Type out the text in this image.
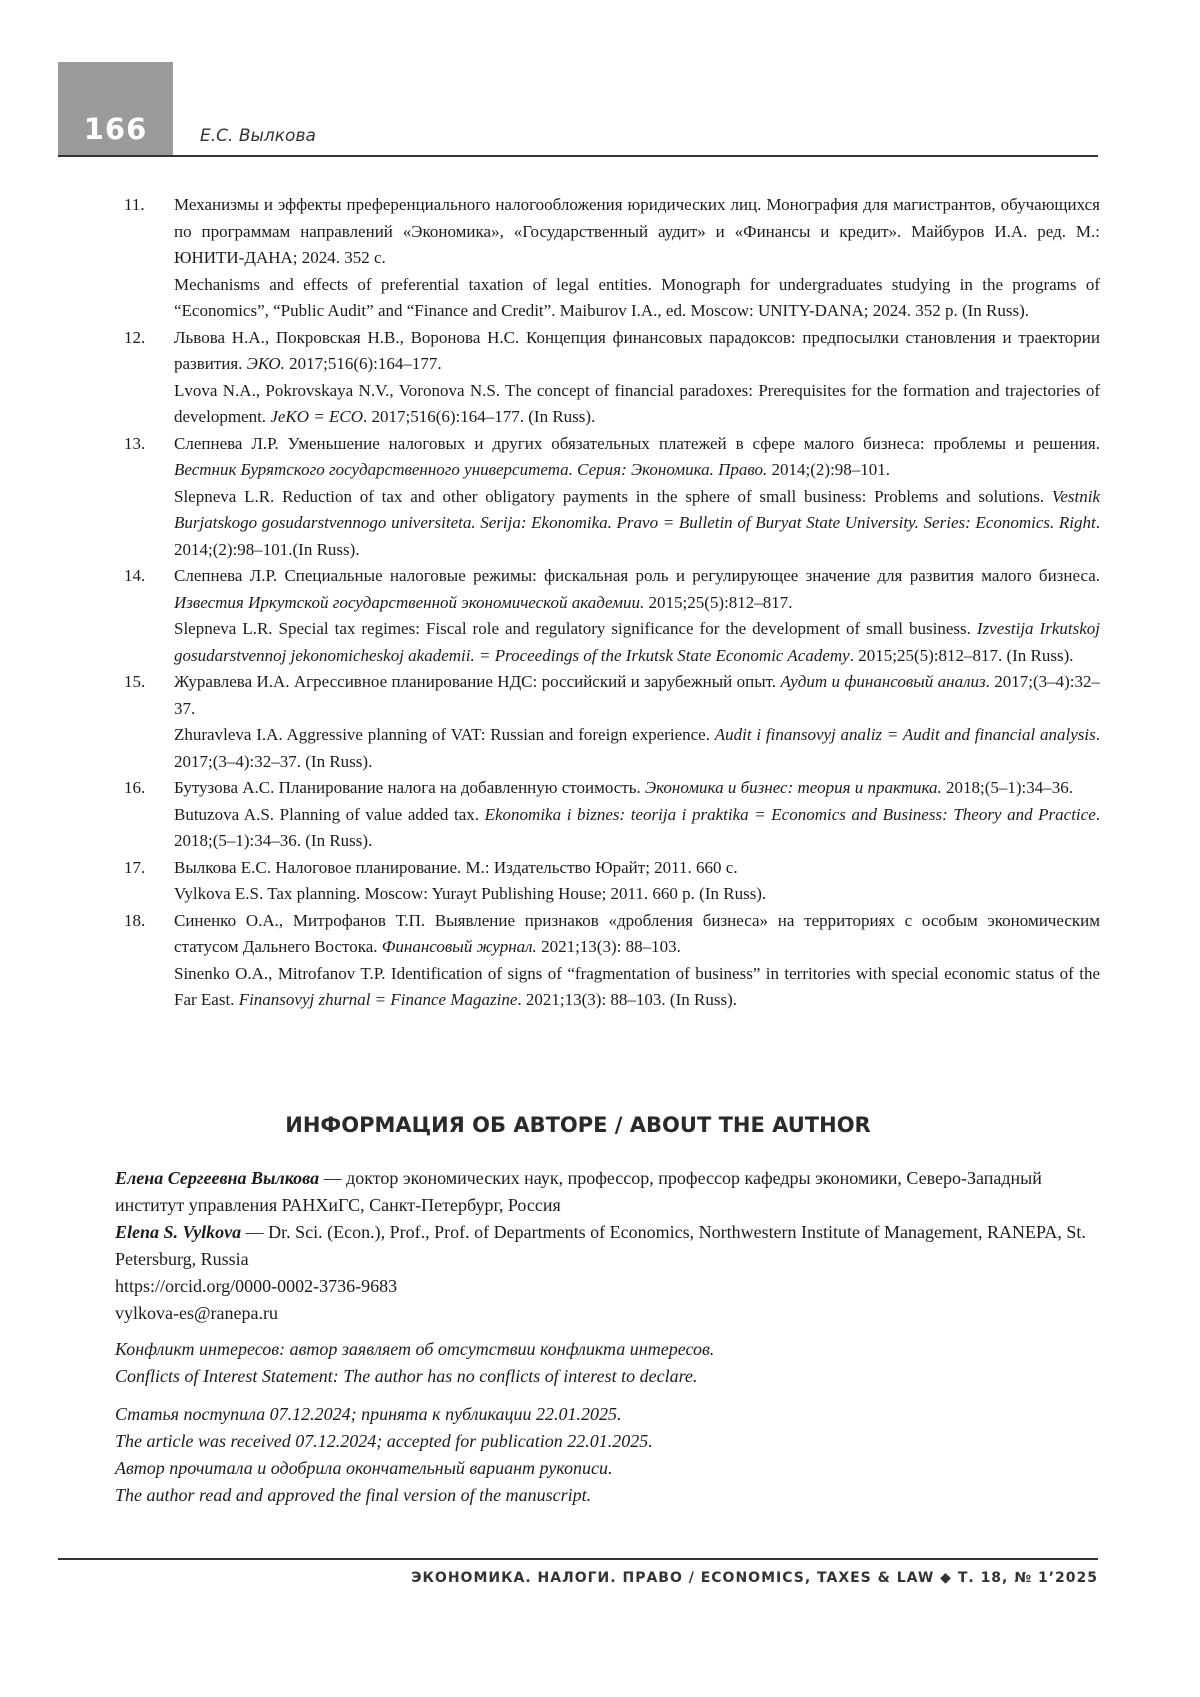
166	Е.С. Вылкова
11.	Механизмы и эффекты преференциального налогообложения юридических лиц. Монография для магистрантов, обучающихся по программам направлений «Экономика», «Государственный аудит» и «Финансы и кредит». Майбуров И.А. ред. М.: ЮНИТИ-ДАНА; 2024. 352 с.

Mechanisms and effects of preferential taxation of legal entities. Monograph for undergraduates studying in the programs of “Economics”, “Public Audit” and “Finance and Credit”. Maiburov I.A., ed. Moscow: UNITY-DANA; 2024. 352 p. (In Russ).

12.	Львова Н.А., Покровская Н.В., Воронова Н.С. Концепция финансовых парадоксов: предпосылки становления и траектории развития. ЭКО. 2017;516(6):164–177.

Lvova N.A., Pokrovskaya N.V., Voronova N.S. The concept of financial paradoxes: Prerequisites for the formation and trajectories of development. JeKO = ECO. 2017;516(6):164–177. (In Russ).

13.	Слепнева Л.Р. Уменьшение налоговых и других обязательных платежей в сфере малого бизнеса: проблемы и решения. Вестник Бурятского государственного университета. Серия: Экономика. Право. 2014;(2):98–101.

Slepneva L.R. Reduction of tax and other obligatory payments in the sphere of small business: Problems and solutions. Vestnik Burjatskogo gosudarstvennogo universiteta. Serija: Ekonomika. Pravo = Bulletin of Buryat State University. Series: Economics. Right. 2014;(2):98–101.(In Russ).

14.	Слепнева Л.Р. Специальные налоговые режимы: фискальная роль и регулирующее значение для развития малого бизнеса. Известия Иркутской государственной экономической академии. 2015;25(5):812–817.

Slepneva L.R. Special tax regimes: Fiscal role and regulatory significance for the development of small business. Izvestija Irkutskoj gosudarstvennoj jekonomicheskoj akademii. = Proceedings of the Irkutsk State Economic Academy. 2015;25(5):812–817. (In Russ).

15.	Журавлева И.А. Агрессивное планирование НДС: российский и зарубежный опыт. Аудит и финансовый анализ. 2017;(3–4):32–37.

Zhuravleva I.A. Aggressive planning of VAT: Russian and foreign experience. Audit i finansovyj analiz = Audit and financial analysis. 2017;(3–4):32–37. (In Russ).

16.	Бутузова А.С. Планирование налога на добавленную стоимость. Экономика и бизнес: теория и практика. 2018;(5–1):34–36.

Butuzova A.S. Planning of value added tax. Ekonomika i biznes: teorija i praktika = Economics and Business: Theory and Practice. 2018;(5–1):34–36. (In Russ).

17.	Вылкова Е.С. Налоговое планирование. М.: Издательство Юрайт; 2011. 660 с.

Vylkova E.S. Tax planning. Moscow: Yurayt Publishing House; 2011. 660 p. (In Russ).

18.	Синенко О.А., Митрофанов Т.П. Выявление признаков «дробления бизнеса» на территориях с особым экономическим статусом Дальнего Востока. Финансовый журнал. 2021;13(3): 88–103.

Sinenko O.A., Mitrofanov T.P. Identification of signs of “fragmentation of business” in territories with special economic status of the Far East. Finansovyj zhurnal = Finance Magazine. 2021;13(3): 88–103. (In Russ).

ИНФОРМАЦИЯ ОБ АВТОРЕ / ABOUT THE AUTHOR

Елена Сергеевна Вылкова — доктор экономических наук, профессор, профессор кафедры экономики, Северо-Западный институт управления РАНХиГС, Санкт-Петербург, Россия

Elena S. Vylkova — Dr. Sci. (Econ.), Prof., Prof. of Departments of Economics, Northwestern Institute of Management, RANEPA, St. Petersburg, Russia

https://orcid.org/0000-0002-3736-9683

vylkova-es@ranepa.ru

Конфликт интересов: автор заявляет об отсутствии конфликта интересов.

Conflicts of Interest Statement: The author has no conflicts of interest to declare.

Статья поступила 07.12.2024; принята к публикации 22.01.2025.

The article was received 07.12.2024; accepted for publication 22.01.2025.

Автор прочитала и одобрила окончательный вариант рукописи.

The author read and approved the final version of the manuscript.

ЭКОНОМИКА. НАЛОГИ. ПРАВО / ECONOMICS, TAXES & LAW ◆ Т. 18, № 1’2025
